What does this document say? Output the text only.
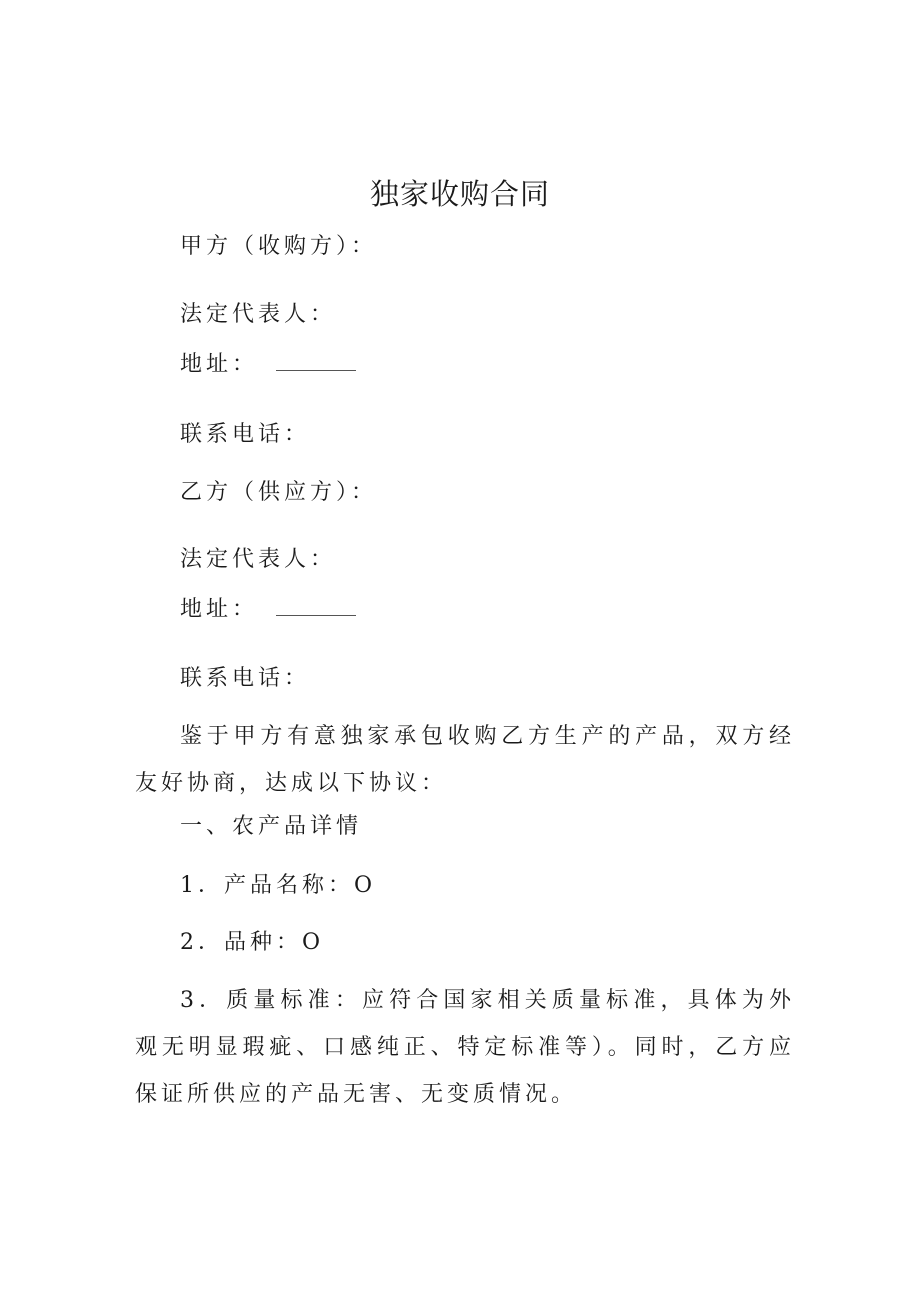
独家收购合同
甲方（收购方）：
法定代表人：
地址：
联系电话：
乙方（供应方）：
法定代表人：
地址：
联系电话：
鉴于甲方有意独家承包收购乙方生产的产品，双方经友好协商，达成以下协议：
一、农产品详情
1．产品名称：O
2．品种：O
3．质量标准：应符合国家相关质量标准，具体为外观无明显瑕疵、口感纯正、特定标准等）。同时，乙方应保证所供应的产品无害、无变质情况。
